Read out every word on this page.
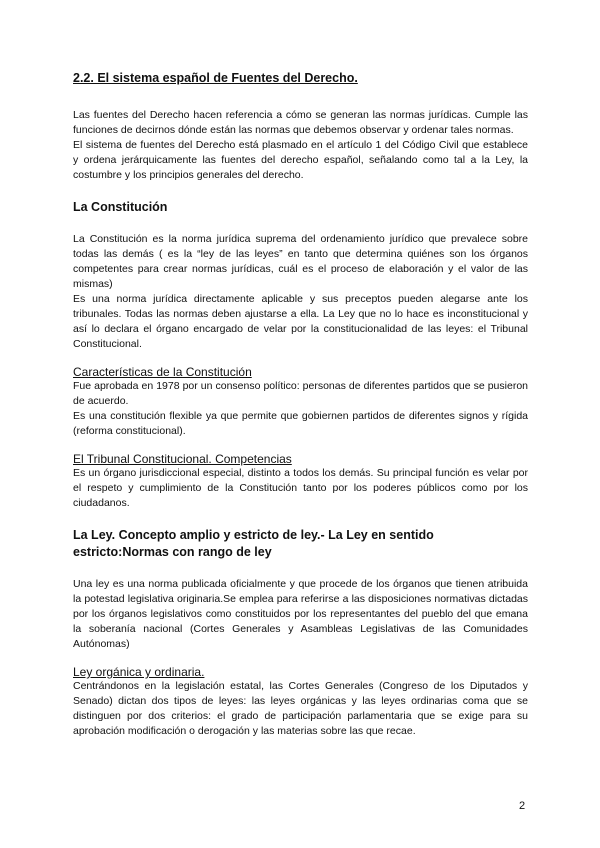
2.2. El sistema español de Fuentes del Derecho.

Las fuentes del Derecho hacen referencia a cómo se generan las normas jurídicas. Cumple las funciones de decirnos dónde están las normas que debemos observar y ordenar tales normas.

El sistema de fuentes del Derecho está plasmado en el artículo 1 del Código Civil que establece y ordena jerárquicamente las fuentes del derecho español, señalando como tal a la Ley, la costumbre y los principios generales del derecho.

La Constitución

La Constitución es la norma jurídica suprema del ordenamiento jurídico que prevalece sobre todas las demás ( es la “ley de las leyes” en tanto que determina quiénes son los órganos competentes para crear normas jurídicas, cuál es el proceso de elaboración y el valor de las mismas)

Es una norma jurídica directamente aplicable y sus preceptos pueden alegarse ante los tribunales. Todas las normas deben ajustarse a ella. La Ley que no lo hace es inconstitucional y así lo declara el órgano encargado de velar por la constitucionalidad de las leyes: el Tribunal Constitucional.

Características de la Constitución

Fue aprobada en 1978 por un consenso político: personas de diferentes partidos que se pusieron de acuerdo.

Es una constitución flexible ya que permite que gobiernen partidos de diferentes signos y rígida (reforma constitucional).

El Tribunal Constitucional. Competencias

Es un órgano jurisdiccional especial, distinto a todos los demás. Su principal función es velar por el respeto y cumplimiento de la Constitución tanto por los poderes públicos como por los ciudadanos.

La Ley. Concepto amplio y estricto de ley.- La Ley en sentido estricto:Normas con rango de ley

Una ley es una norma publicada oficialmente y que procede de los órganos que tienen atribuida la potestad legislativa originaria.Se emplea para referirse a las disposiciones normativas dictadas por los órganos legislativos como constituidos por los representantes del pueblo del que emana la soberanía nacional (Cortes Generales y Asambleas Legislativas de las Comunidades Autónomas)

Ley orgánica y ordinaria.

Centrándonos en la legislación estatal, las Cortes Generales (Congreso de los Diputados y Senado) dictan dos tipos de leyes: las leyes orgánicas y las leyes ordinarias coma que se distinguen por dos criterios: el grado de participación parlamentaria que se exige para su aprobación modificación o derogación y las materias sobre las que recae.

2
